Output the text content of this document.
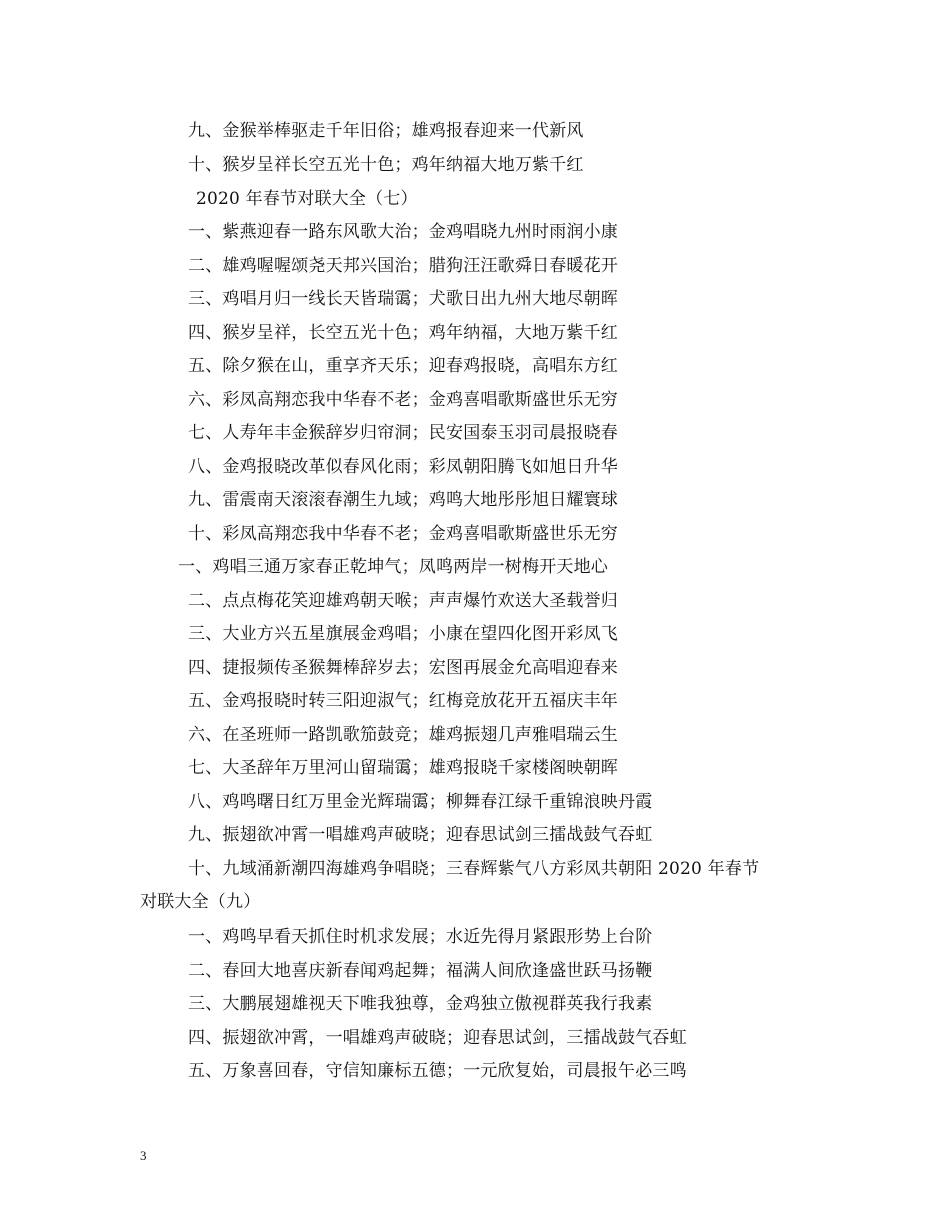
九、金猴举棒驱走千年旧俗；雄鸡报春迎来一代新风
十、猴岁呈祥长空五光十色；鸡年纳福大地万紫千红
2020 年春节对联大全（七）
一、紫燕迎春一路东风歌大治；金鸡唱晓九州时雨润小康
二、雄鸡喔喔颂尧天邦兴国治；腊狗汪汪歌舜日春暖花开
三、鸡唱月归一线长天皆瑞霭；犬歌日出九州大地尽朝晖
四、猴岁呈祥，长空五光十色；鸡年纳福，大地万紫千红
五、除夕猴在山，重享齐天乐；迎春鸡报晓，高唱东方红
六、彩凤高翔恋我中华春不老；金鸡喜唱歌斯盛世乐无穷
七、人寿年丰金猴辞岁归帘洞；民安国泰玉羽司晨报晓春
八、金鸡报晓改革似春风化雨；彩凤朝阳腾飞如旭日升华
九、雷震南天滚滚春潮生九域；鸡鸣大地彤彤旭日耀寰球
十、彩凤高翔恋我中华春不老；金鸡喜唱歌斯盛世乐无穷
一、鸡唱三通万家春正乾坤气；凤鸣两岸一树梅开天地心
二、点点梅花笑迎雄鸡朝天喉；声声爆竹欢送大圣载誉归
三、大业方兴五星旗展金鸡唱；小康在望四化图开彩凤飞
四、捷报频传圣猴舞棒辞岁去；宏图再展金允高唱迎春来
五、金鸡报晓时转三阳迎淑气；红梅竞放花开五福庆丰年
六、在圣班师一路凯歌笳鼓竞；雄鸡振翅几声雅唱瑞云生
七、大圣辞年万里河山留瑞霭；雄鸡报晓千家楼阁映朝晖
八、鸡鸣曙日红万里金光辉瑞霭；柳舞春江绿千重锦浪映丹霞
九、振翅欲冲霄一唱雄鸡声破晓；迎春思试剑三擂战鼓气吞虹
十、九域涌新潮四海雄鸡争唱晓；三春辉紫气八方彩凤共朝阳 2020 年春节
对联大全（九）
一、鸡鸣早看天抓住时机求发展；水近先得月紧跟形势上台阶
二、春回大地喜庆新春闻鸡起舞；福满人间欣逢盛世跃马扬鞭
三、大鹏展翅雄视天下唯我独尊，金鸡独立傲视群英我行我素
四、振翅欲冲霄，一唱雄鸡声破晓；迎春思试剑，三擂战鼓气吞虹
五、万象喜回春，守信知廉标五德；一元欣复始，司晨报午必三鸣
3
